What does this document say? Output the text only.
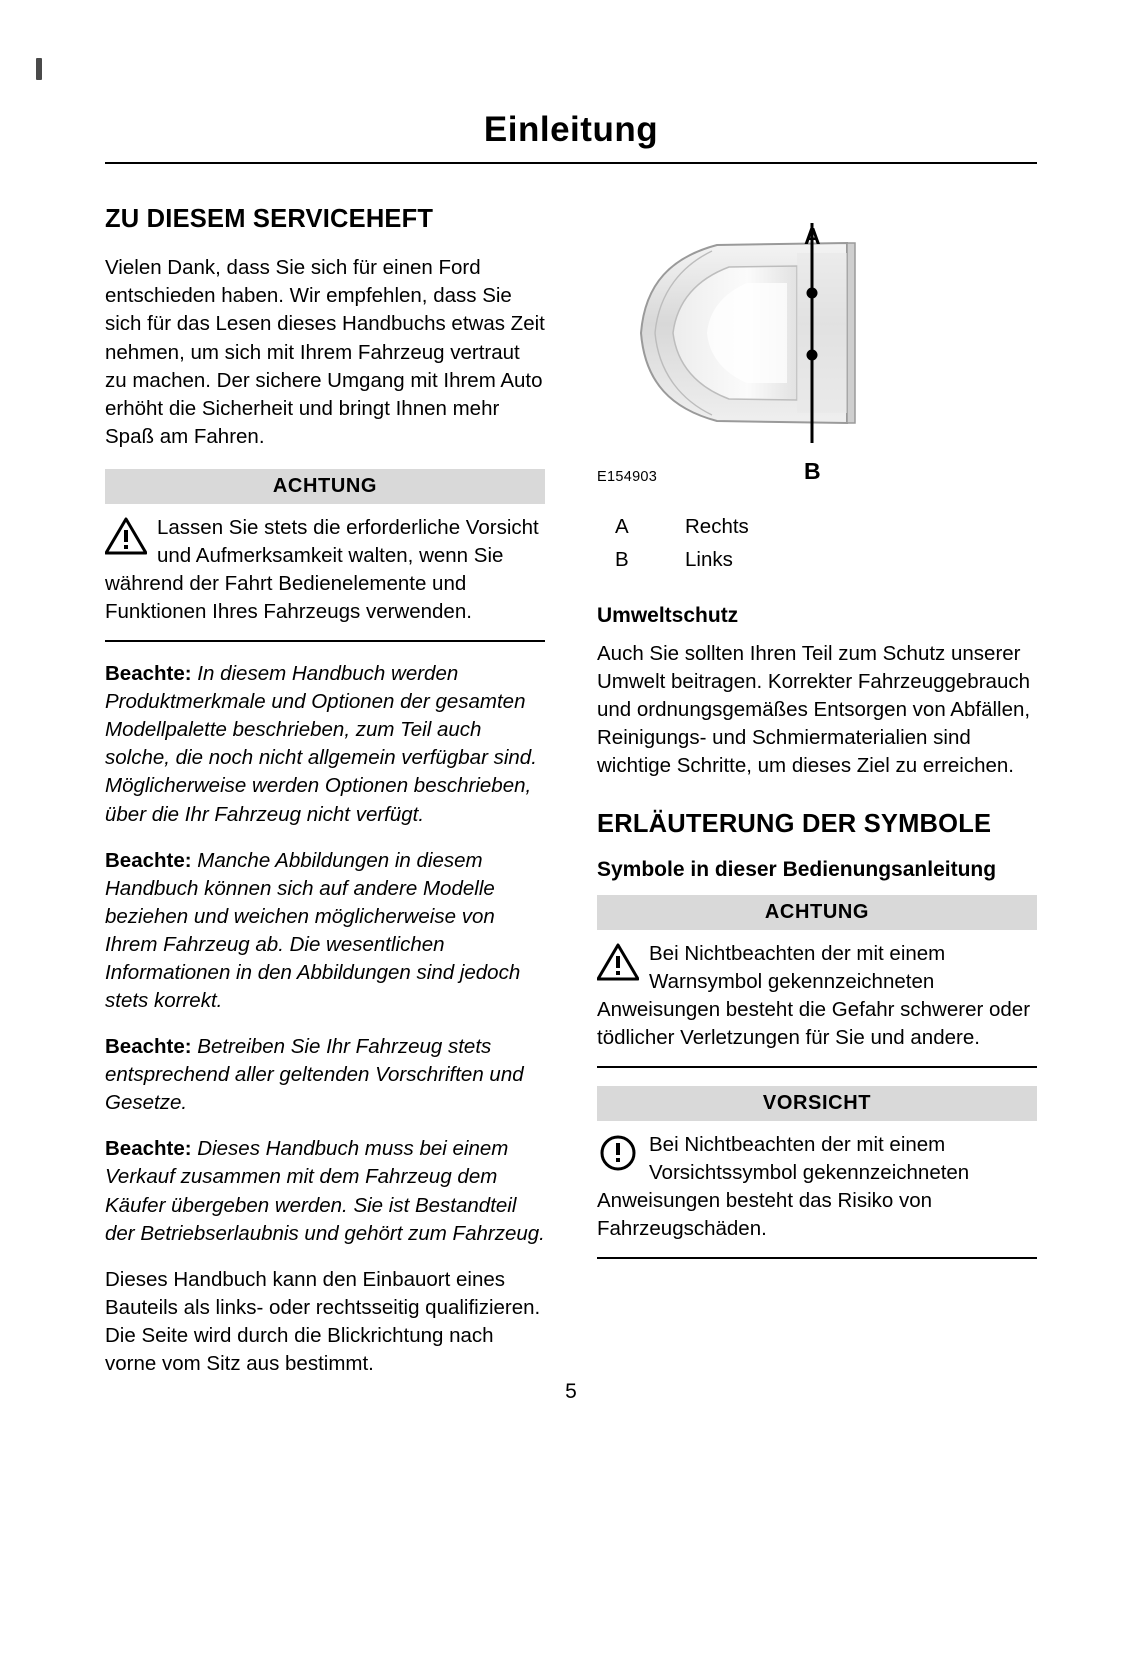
Einleitung
ZU DIESEM SERVICEHEFT

Vielen Dank, dass Sie sich für einen Ford entschieden haben. Wir empfehlen, dass Sie sich für das Lesen dieses Handbuchs etwas Zeit nehmen, um sich mit Ihrem Fahrzeug vertraut zu machen. Der sichere Umgang mit Ihrem Auto erhöht die Sicherheit und bringt Ihnen mehr Spaß am Fahren.

ACHTUNG

Lassen Sie stets die erforderliche Vorsicht und Aufmerksamkeit walten, wenn Sie während der Fahrt Bedienelemente und Funktionen Ihres Fahrzeugs verwenden.

Beachte: In diesem Handbuch werden Produktmerkmale und Optionen der gesamten Modellpalette beschrieben, zum Teil auch solche, die noch nicht allgemein verfügbar sind. Möglicherweise werden Optionen beschrieben, über die Ihr Fahrzeug nicht verfügt.

Beachte: Manche Abbildungen in diesem Handbuch können sich auf andere Modelle beziehen und weichen möglicherweise von Ihrem Fahrzeug ab. Die wesentlichen Informationen in den Abbildungen sind jedoch stets korrekt.

Beachte: Betreiben Sie Ihr Fahrzeug stets entsprechend aller geltenden Vorschriften und Gesetze.

Beachte: Dieses Handbuch muss bei einem Verkauf zusammen mit dem Fahrzeug dem Käufer übergeben werden. Sie ist Bestandteil der Betriebserlaubnis und gehört zum Fahrzeug.

Dieses Handbuch kann den Einbauort eines Bauteils als links- oder rechtsseitig qualifizieren. Die Seite wird durch die Blickrichtung nach vorne vom Sitz aus bestimmt.

A
B
E154903
A	Rechts
B	Links
Umweltschutz

Auch Sie sollten Ihren Teil zum Schutz unserer Umwelt beitragen. Korrekter Fahrzeuggebrauch und ordnungsgemäßes Entsorgen von Abfällen, Reinigungs- und Schmiermaterialien sind wichtige Schritte, um dieses Ziel zu erreichen.

ERLÄUTERUNG DER SYMBOLE
Symbole in dieser Bedienungsanleitung
ACHTUNG

Bei Nichtbeachten der mit einem Warnsymbol gekennzeichneten Anweisungen besteht die Gefahr schwerer oder tödlicher Verletzungen für Sie und andere.

VORSICHT

Bei Nichtbeachten der mit einem Vorsichtssymbol gekennzeichneten Anweisungen besteht das Risiko von Fahrzeugschäden.

5
